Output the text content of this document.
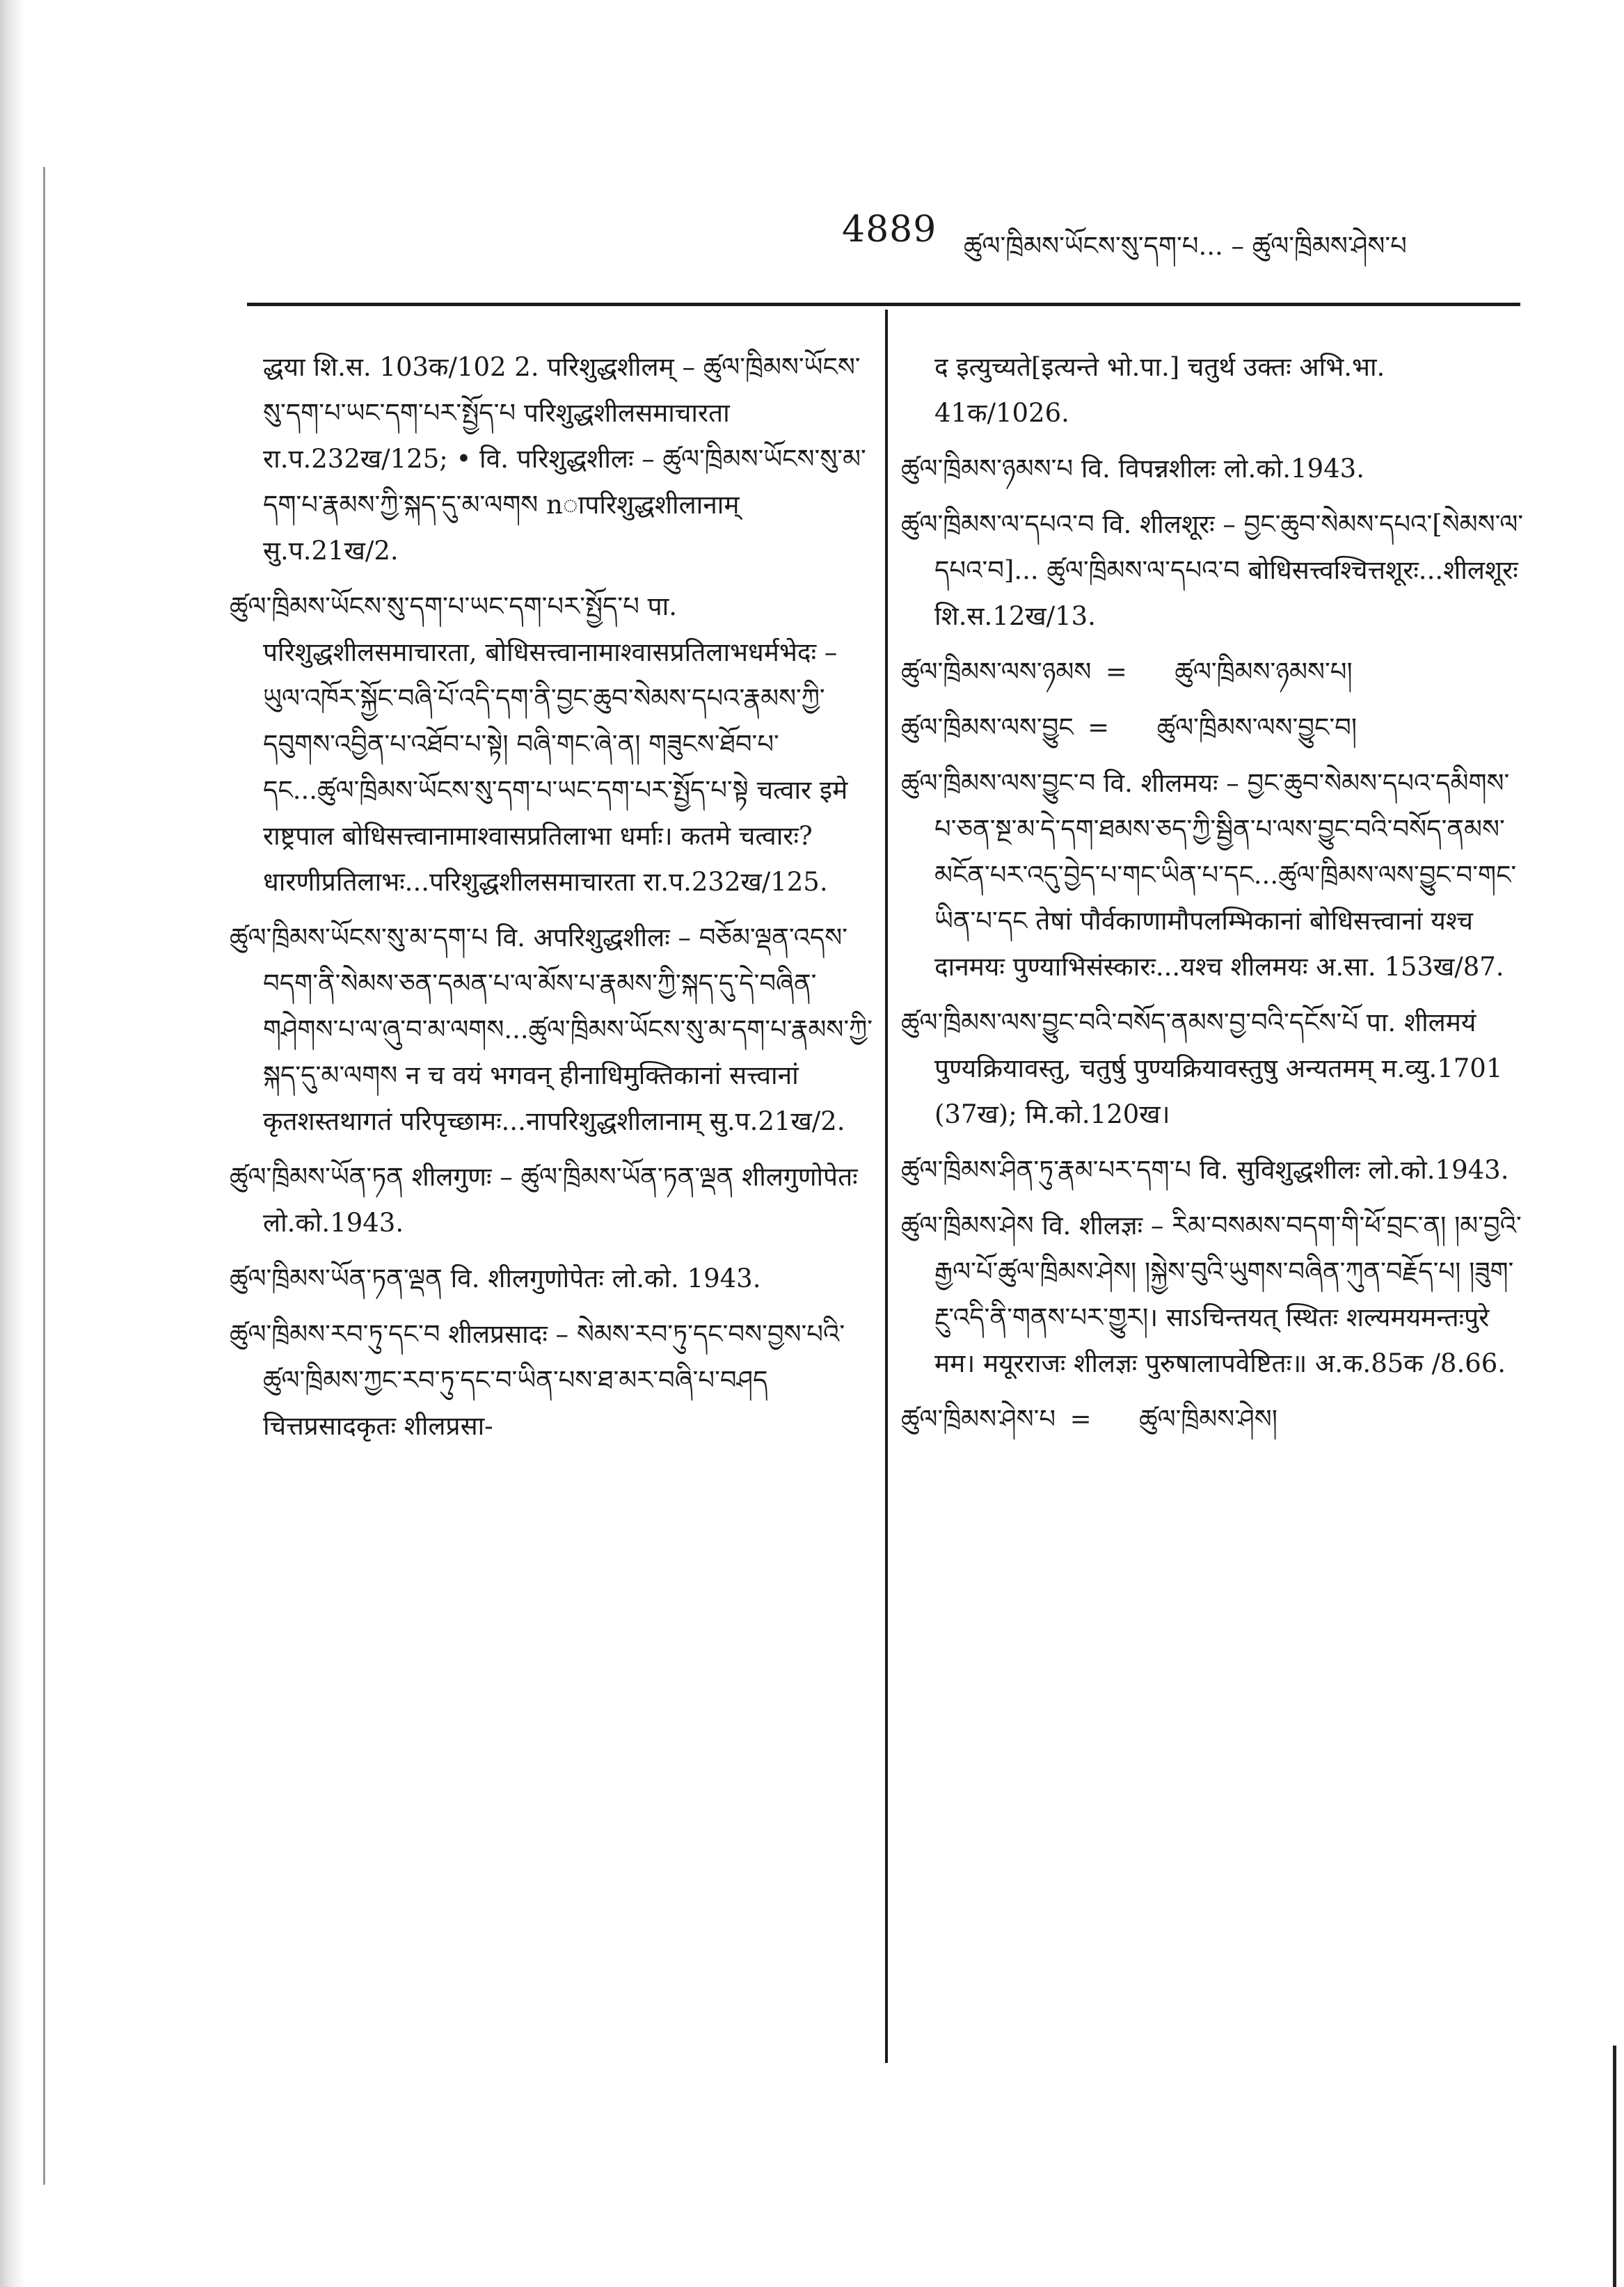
4889 ཚུལ་ཁྲིམས་ཡོངས་སུ་དག་པ... – ཚུལ་ཁྲིམས་ཤེས་པ

द्धया शि.स. 103क/102 2. परिशुद्धशीलम् – ཚུལ་ཁྲིམས་ཡོངས་སུ་དག་པ་ཡང་དག་པར་སྤྱོད་པ परिशुद्धशीलसमाचारता रा.प.232ख/125; • वि. परिशुद्धशीलः – ཚུལ་ཁྲིམས་ཡོངས་སུ་མ་དག་པ་རྣམས་ཀྱི་སྐད་དུ་མ་ལགས nापरिशुद्धशीलानाम् सु.प.21ख/2.

ཚུལ་ཁྲིམས་ཡོངས་སུ་དག་པ་ཡང་དག་པར་སྤྱོད་པ पा. परिशुद्धशीलसमाचारता, बोधिसत्त्वानामाश्वासप्रतिलाभधर्मभेदः – ཡུལ་འཁོར་སྐྱོང་བཞི་པོ་འདི་དག་ནི་བྱང་ཆུབ་སེམས་དཔའ་རྣམས་ཀྱི་དབུགས་འབྱིན་པ་འཐོབ་པ་སྟེ། བཞི་གང་ཞེ་ན། གཟུངས་ཐོབ་པ་དང...ཚུལ་ཁྲིམས་ཡོངས་སུ་དག་པ་ཡང་དག་པར་སྤྱོད་པ་སྟེ चत्वार इमे राष्ट्रपाल बोधिसत्त्वानामाश्वासप्रतिलाभा धर्माः। कतमे चत्वारः? धारणीप्रतिलाभः...परिशुद्धशीलसमाचारता रा.प.232ख/125.

ཚུལ་ཁྲིམས་ཡོངས་སུ་མ་དག་པ वि. अपरिशुद्धशीलः – བཅོམ་ལྡན་འདས་བདག་ནི་སེམས་ཅན་དམན་པ་ལ་མོས་པ་རྣམས་ཀྱི་སྐད་དུ་དེ་བཞིན་གཤེགས་པ་ལ་ཞུ་བ་མ་ལགས...ཚུལ་ཁྲིམས་ཡོངས་སུ་མ་དག་པ་རྣམས་ཀྱི་སྐད་དུ་མ་ལགས न च वयं भगवन् हीनाधिमुक्तिकानां सत्त्वानां कृतशस्तथागतं परिपृच्छामः...नापरिशुद्धशीलानाम् सु.प.21ख/2.

ཚུལ་ཁྲིམས་ཡོན་ཏན शीलगुणः – ཚུལ་ཁྲིམས་ཡོན་ཏན་ལྡན शीलगुणोपेतः लो.को.1943.

ཚུལ་ཁྲིམས་ཡོན་ཏན་ལྡན वि. शीलगुणोपेतः लो.को. 1943.

ཚུལ་ཁྲིམས་རབ་ཏུ་དང་བ शीलप्रसादः – སེམས་རབ་ཏུ་དང་བས་བྱས་པའི་ཚུལ་ཁྲིམས་ཀྱང་རབ་ཏུ་དང་བ་ཡིན་པས་ཐ་མར་བཞི་པ་བཤད चित्तप्रसादकृतः शीलप्रसा-

द इत्युच्यते[इत्यन्ते भो.पा.] चतुर्थ उक्तः अभि.भा. 41क/1026.

ཚུལ་ཁྲིམས་ཉམས་པ वि. विपन्नशीलः लो.को.1943.

ཚུལ་ཁྲིམས་ལ་དཔའ་བ वि. शीलशूरः – བྱང་ཆུབ་སེམས་དཔའ་[སེམས་ལ་དཔའ་བ]... ཚུལ་ཁྲིམས་ལ་དཔའ་བ बोधिसत्त्वश्चित्तशूरः...शीलशूरः शि.स.12ख/13.

ཚུལ་ཁྲིམས་ལས་ཉམས = ཚུལ་ཁྲིམས་ཉམས་པ།

ཚུལ་ཁྲིམས་ལས་བྱུང = ཚུལ་ཁྲིམས་ལས་བྱུང་བ།

ཚུལ་ཁྲིམས་ལས་བྱུང་བ वि. शीलमयः – བྱང་ཆུབ་སེམས་དཔའ་དམིགས་པ་ཅན་སྔ་མ་དེ་དག་ཐམས་ཅད་ཀྱི་སྦྱིན་པ་ལས་བྱུང་བའི་བསོད་ནམས་མངོན་པར་འདུ་བྱེད་པ་གང་ཡིན་པ་དང...ཚུལ་ཁྲིམས་ལས་བྱུང་བ་གང་ཡིན་པ་དང तेषां पौर्वकाणामौपलम्भिकानां बोधिसत्त्वानां यश्च दानमयः पुण्याभिसंस्कारः...यश्च शीलमयः अ.सा. 153ख/87.

ཚུལ་ཁྲིམས་ལས་བྱུང་བའི་བསོད་ནམས་བྱ་བའི་དངོས་པོ पा. शीलमयं पुण्यक्रियावस्तु, चतुर्षु पुण्यक्रियावस्तुषु अन्यतमम् म.व्यु.1701 (37ख); मि.को.120ख।

ཚུལ་ཁྲིམས་ཤིན་ཏུ་རྣམ་པར་དག་པ वि. सुविशुद्धशीलः लो.को.1943.

ཚུལ་ཁྲིམས་ཤེས वि. शीलज्ञः – རིམ་བསམས་བདག་གི་ཕོ་བྲང་ན། །མ་བྱའི་རྒྱལ་པོ་ཚུལ་ཁྲིམས་ཤེས། །སྐྱེས་བུའི་ཡུགས་བཞིན་ཀུན་བརྗོད་པ། །ཟུག་རྔུ་འདི་ནི་གནས་པར་གྱུར།। साऽचिन्तयत् स्थितः शल्यमयमन्तःपुरे मम। मयूरराजः शीलज्ञः पुरुषालापवेष्टितः॥ अ.क.85क /8.66.

ཚུལ་ཁྲིམས་ཤེས་པ = ཚུལ་ཁྲིམས་ཤེས།
